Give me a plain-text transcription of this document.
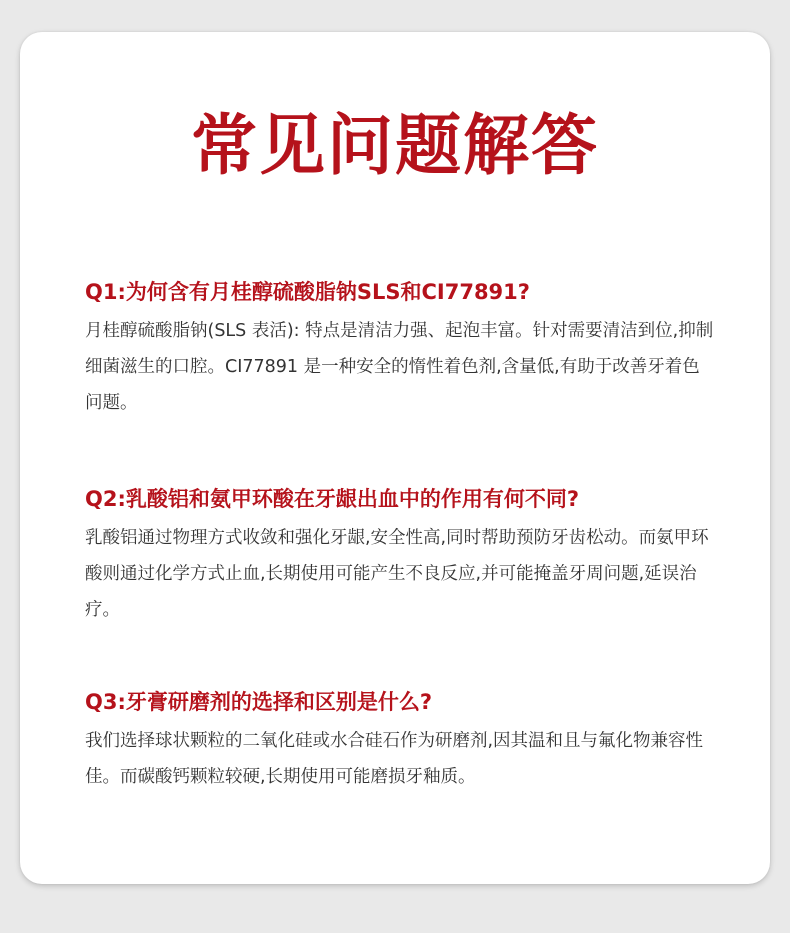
常见问题解答

Q1:为何含有月桂醇硫酸脂钠SLS和CI77891?

月桂醇硫酸脂钠(SLS 表活): 特点是清洁力强、起泡丰富。针对需要清洁到位,抑制细菌滋生的口腔。CI77891 是一种安全的惰性着色剂,含量低,有助于改善牙着色问题。

Q2:乳酸铝和氨甲环酸在牙龈出血中的作用有何不同?

乳酸铝通过物理方式收敛和强化牙龈,安全性高,同时帮助预防牙齿松动。而氨甲环酸则通过化学方式止血,长期使用可能产生不良反应,并可能掩盖牙周问题,延误治疗。

Q3:牙膏研磨剂的选择和区别是什么?

我们选择球状颗粒的二氧化硅或水合硅石作为研磨剂,因其温和且与氟化物兼容性佳。而碳酸钙颗粒较硬,长期使用可能磨损牙釉质。
